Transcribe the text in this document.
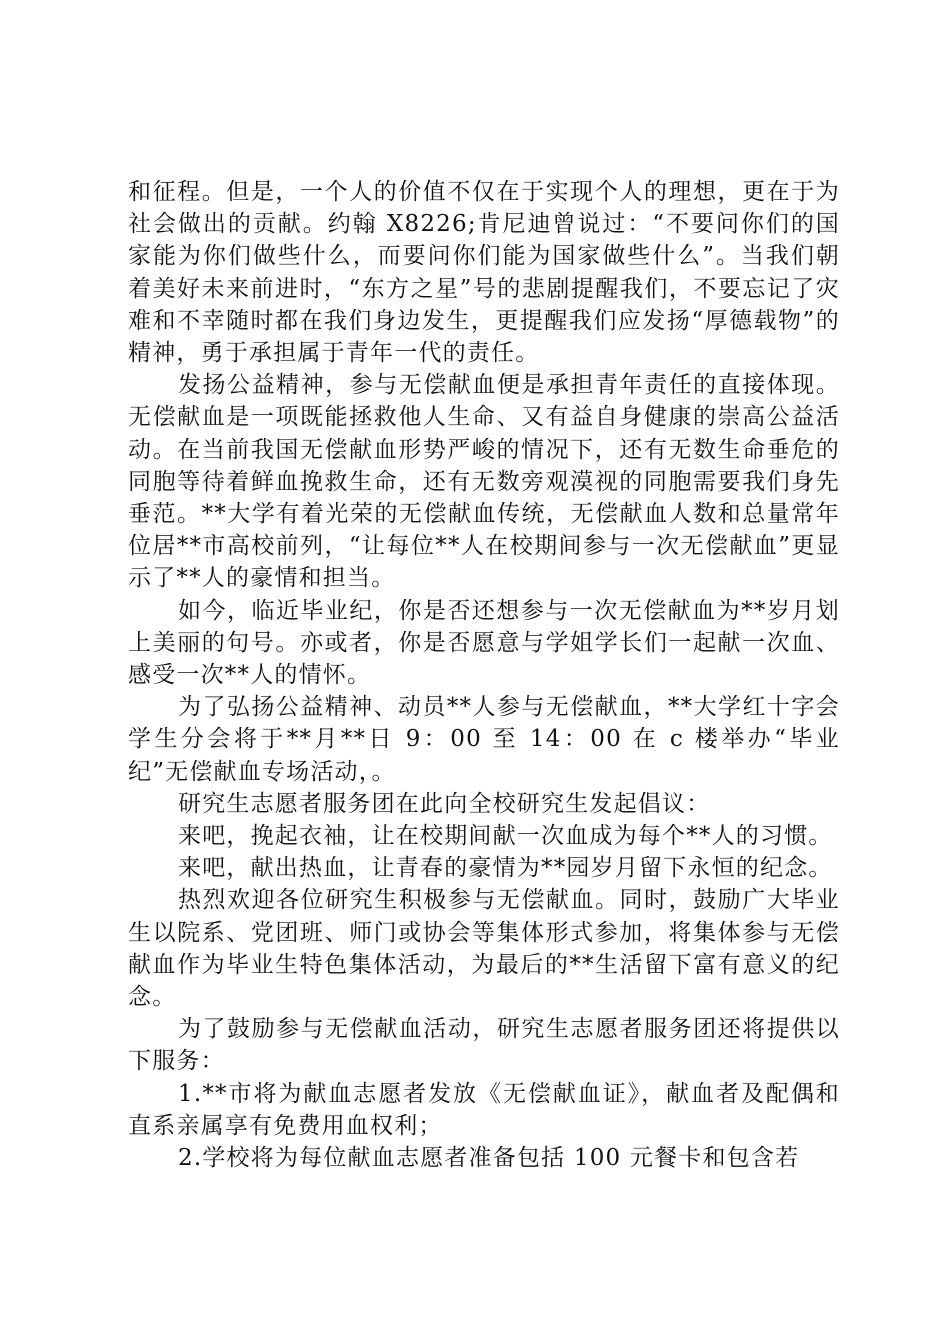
和征程。但是，一个人的价值不仅在于实现个人的理想，更在于为社会做出的贡献。约翰 X8226;肯尼迪曾说过：“不要问你们的国家能为你们做些什么，而要问你们能为国家做些什么”。当我们朝着美好未来前进时，“东方之星”号的悲剧提醒我们，不要忘记了灾难和不幸随时都在我们身边发生，更提醒我们应发扬“厚德载物”的精神，勇于承担属于青年一代的责任。

发扬公益精神，参与无偿献血便是承担青年责任的直接体现。无偿献血是一项既能拯救他人生命、又有益自身健康的崇高公益活动。在当前我国无偿献血形势严峻的情况下，还有无数生命垂危的同胞等待着鲜血挽救生命，还有无数旁观漠视的同胞需要我们身先垂范。**大学有着光荣的无偿献血传统，无偿献血人数和总量常年位居**市高校前列，“让每位**人在校期间参与一次无偿献血”更显示了**人的豪情和担当。

如今，临近毕业纪，你是否还想参与一次无偿献血为**岁月划上美丽的句号。亦或者，你是否愿意与学姐学长们一起献一次血、感受一次**人的情怀。

为了弘扬公益精神、动员**人参与无偿献血，**大学红十字会学生分会将于**月**日 9：00 至 14：00 在 c 楼举办“毕业纪”无偿献血专场活动，。

研究生志愿者服务团在此向全校研究生发起倡议：

来吧，挽起衣袖，让在校期间献一次血成为每个**人的习惯。

来吧，献出热血，让青春的豪情为**园岁月留下永恒的纪念。

热烈欢迎各位研究生积极参与无偿献血。同时，鼓励广大毕业生以院系、党团班、师门或协会等集体形式参加，将集体参与无偿献血作为毕业生特色集体活动，为最后的**生活留下富有意义的纪念。

为了鼓励参与无偿献血活动，研究生志愿者服务团还将提供以下服务：

1.**市将为献血志愿者发放《无偿献血证》，献血者及配偶和直系亲属享有免费用血权利；

2.学校将为每位献血志愿者准备包括 100 元餐卡和包含若
